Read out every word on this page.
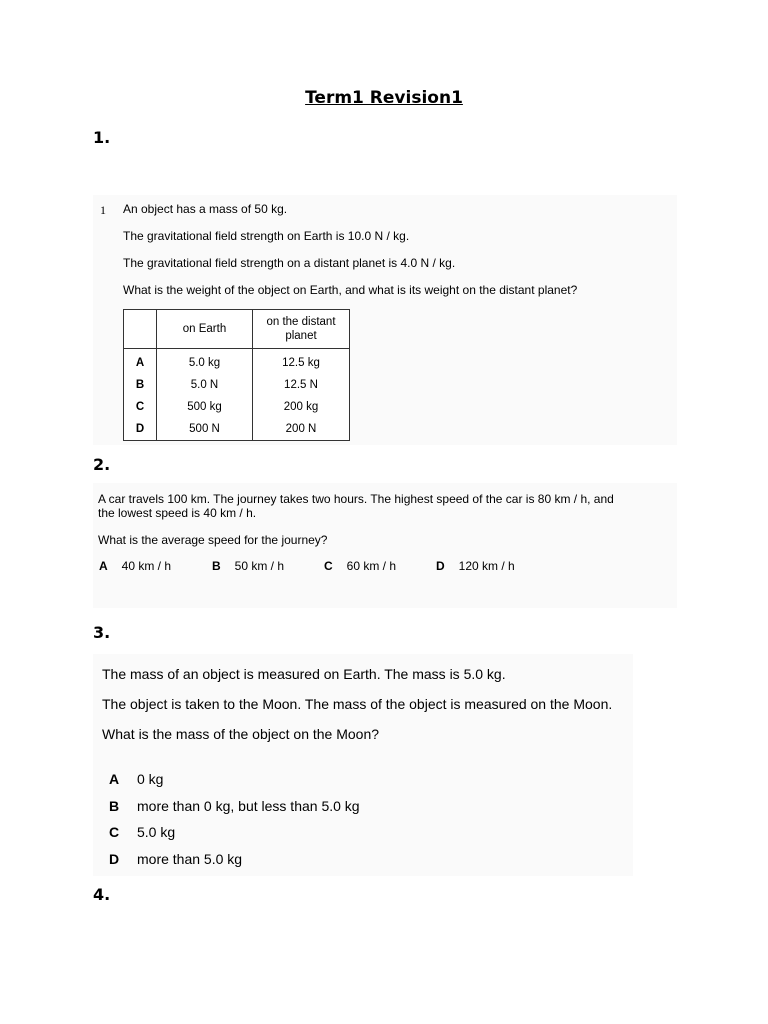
Term1 Revision1
1.
1 An object has a mass of 50 kg.
The gravitational field strength on Earth is 10.0 N / kg.
The gravitational field strength on a distant planet is 4.0 N / kg.
What is the weight of the object on Earth, and what is its weight on the distant planet?
	on Earth	on the distant planet
A	5.0 kg	12.5 kg
B	5.0 N	12.5 N
C	500 kg	200 kg
D	500 N	200 N
2.
A car travels 100 km. The journey takes two hours. The highest speed of the car is 80 km / h, and
the lowest speed is 40 km / h.
What is the average speed for the journey?
A 40 km / h	B 50 km / h	C 60 km / h	D 120 km / h
3.
The mass of an object is measured on Earth. The mass is 5.0 kg.
The object is taken to the Moon. The mass of the object is measured on the Moon.
What is the mass of the object on the Moon?
A 0 kg
B more than 0 kg, but less than 5.0 kg
C 5.0 kg
D more than 5.0 kg
4.
